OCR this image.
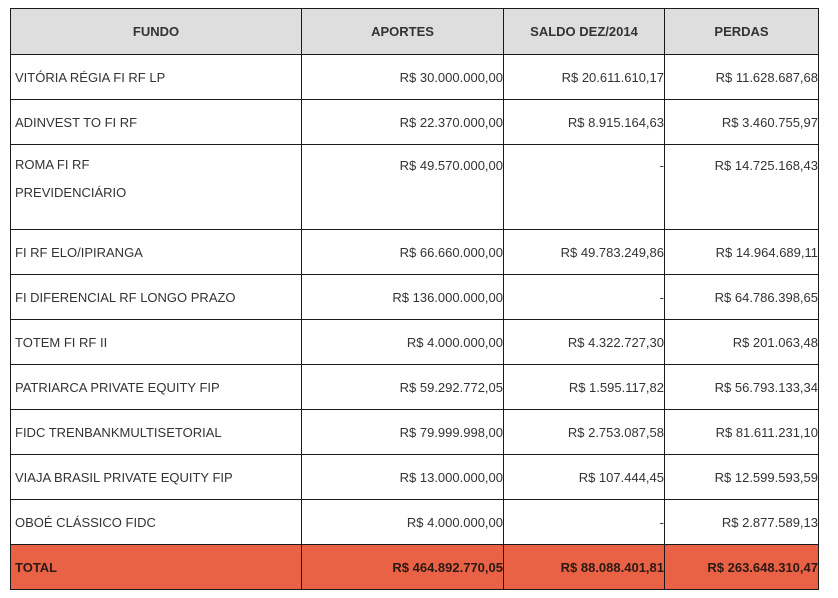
FUNDO	APORTES	SALDO DEZ/2014	PERDAS
VITÓRIA RÉGIA FI RF LP	R$ 30.000.000,00	R$ 20.611.610,17	R$ 11.628.687,68
ADINVEST TO FI RF	R$ 22.370.000,00	R$ 8.915.164,63	R$ 3.460.755,97

ROMA FI RF
PREVIDENCIÁRIO	R$ 49.570.000,00	-	R$ 14.725.168,43
FI RF ELO/IPIRANGA	R$ 66.660.000,00	R$ 49.783.249,86	R$ 14.964.689,11
FI DIFERENCIAL RF LONGO PRAZO	R$ 136.000.000,00	-	R$ 64.786.398,65
TOTEM FI RF II	R$ 4.000.000,00	R$ 4.322.727,30	R$ 201.063,48
PATRIARCA PRIVATE EQUITY FIP	R$ 59.292.772,05	R$ 1.595.117,82	R$ 56.793.133,34
FIDC TRENBANKMULTISETORIAL	R$ 79.999.998,00	R$ 2.753.087,58	R$ 81.611.231,10
VIAJA BRASIL PRIVATE EQUITY FIP	R$ 13.000.000,00	R$ 107.444,45	R$ 12.599.593,59
OBOÉ CLÁSSICO FIDC	R$ 4.000.000,00	-	R$ 2.877.589,13
TOTAL	R$ 464.892.770,05	R$ 88.088.401,81	R$ 263.648.310,47
